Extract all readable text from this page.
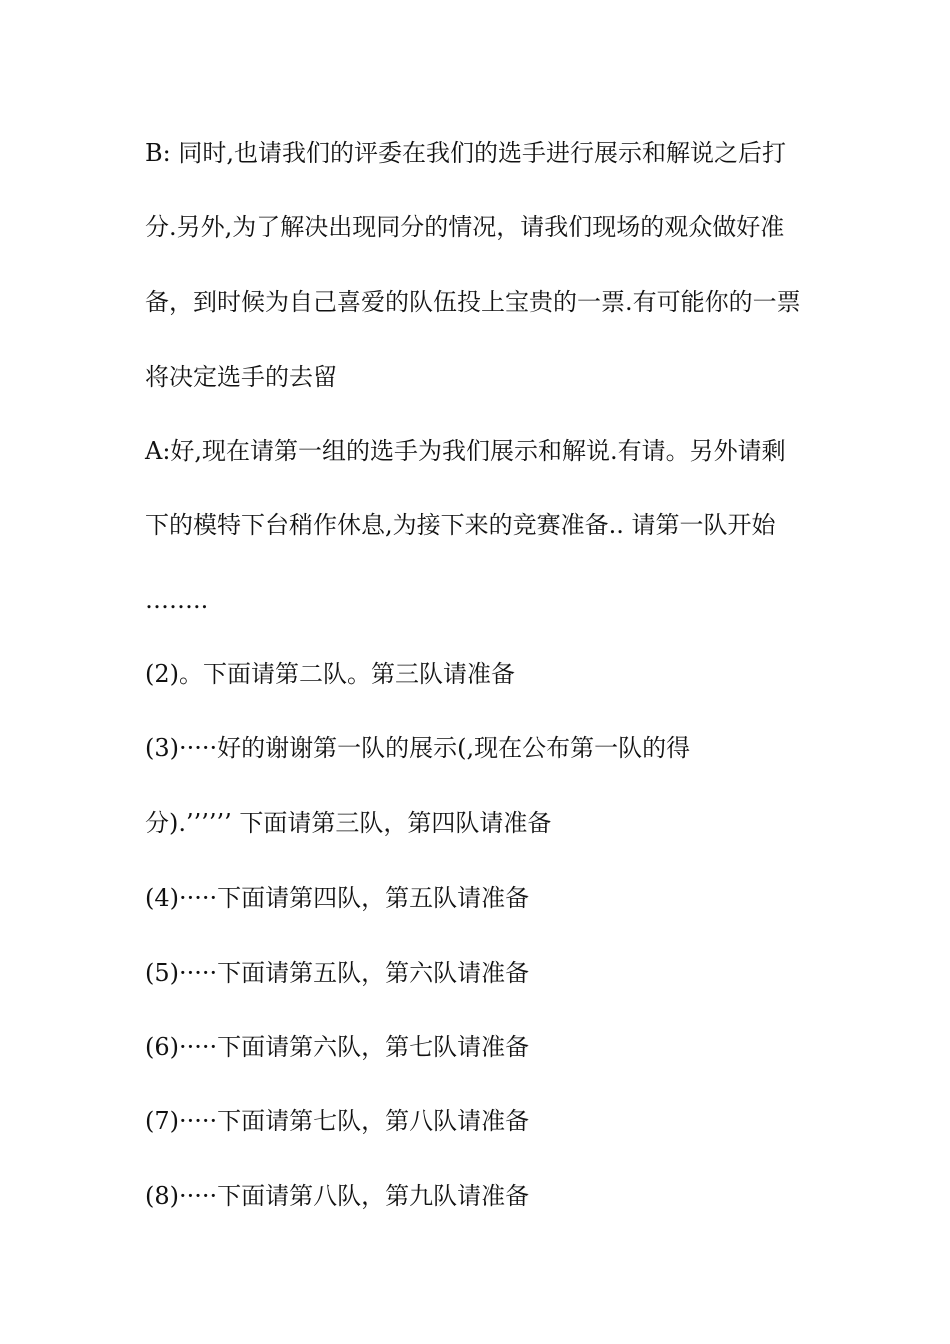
B: 同时,也请我们的评委在我们的选手进行展示和解说之后打
分.另外,为了解决出现同分的情况，请我们现场的观众做好准
备，到时候为自己喜爱的队伍投上宝贵的一票.有可能你的一票
将决定选手的去留
A:好,现在请第一组的选手为我们展示和解说.有请。另外请剩
下的模特下台稍作休息,为接下来的竞赛准备.. 请第一队开始
……..
(2)。下面请第二队。第三队请准备
(3)·····好的谢谢第一队的展示(,现在公布第一队的得
分).’’’’’’ 下面请第三队，第四队请准备
(4)·····下面请第四队，第五队请准备
(5)·····下面请第五队，第六队请准备
(6)·····下面请第六队，第七队请准备
(7)·····下面请第七队，第八队请准备
(8)·····下面请第八队，第九队请准备
